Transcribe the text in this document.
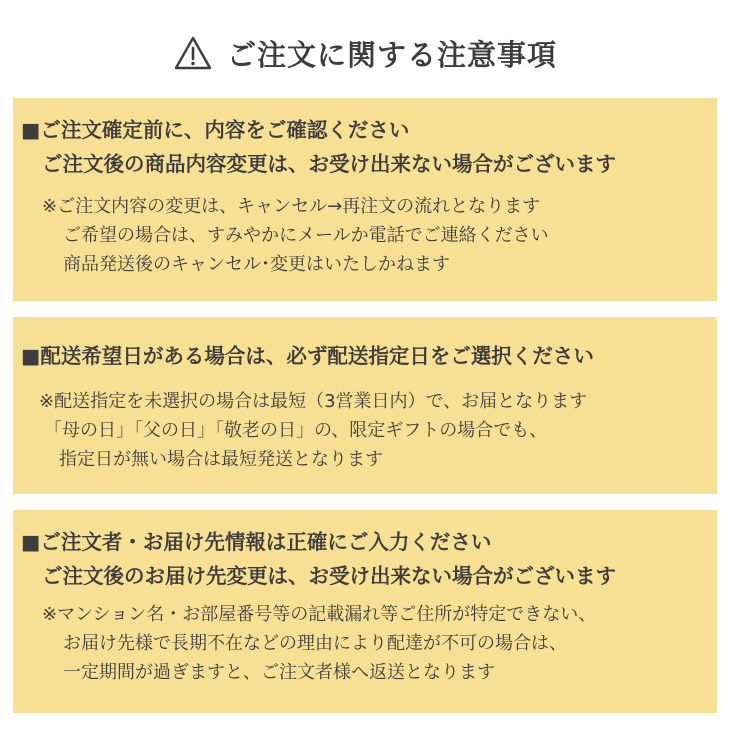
ご注文に関する注意事項
■ご注文確定前に、内容をご確認ください
ご注文後の商品内容変更は、お受け出来ない場合がございます
※ご注文内容の変更は、キャンセル→再注文の流れとなります
ご希望の場合は、すみやかにメールか電話でご連絡ください
商品発送後のキャンセル･変更はいたしかねます
■配送希望日がある場合は、必ず配送指定日をご選択ください
※配送指定を未選択の場合は最短（3営業日内）で、お届となります
「母の日」「父の日」「敬老の日」の、限定ギフトの場合でも、
指定日が無い場合は最短発送となります
■ご注文者・お届け先情報は正確にご入力ください
ご注文後のお届け先変更は、お受け出来ない場合がございます
※マンション名・お部屋番号等の記載漏れ等ご住所が特定できない、
お届け先様で長期不在などの理由により配達が不可の場合は、
一定期間が過ぎますと、ご注文者様へ返送となります
